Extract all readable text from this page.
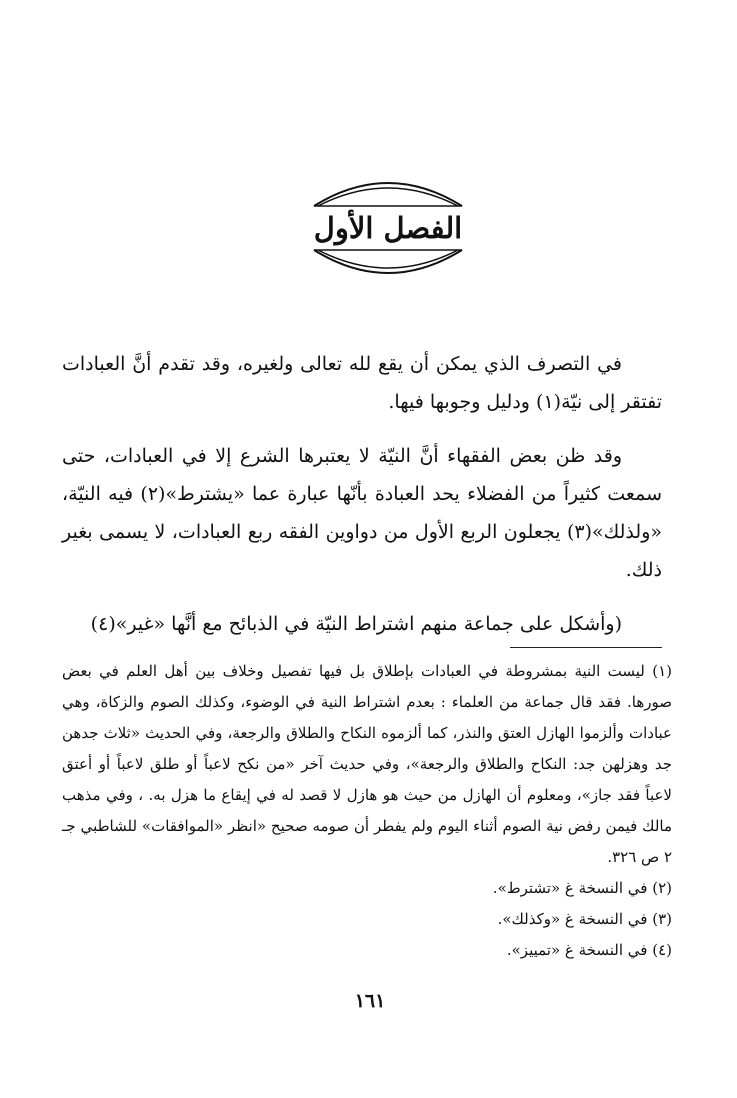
الفصل الأول

في التصرف الذي يمكن أن يقع لله تعالى ولغيره، وقد تقدم أنَّ العبادات تفتقر إلى نيّة(١) ودليل وجوبها فيها.

وقد ظن بعض الفقهاء أنَّ النيّة لا يعتبرها الشرع إلا في العبادات، حتى سمعت كثيراً من الفضلاء يحد العبادة بأنّها عبارة عما «يشترط»(٢) فيه النيّة، «ولذلك»(٣) يجعلون الربع الأول من دواوين الفقه ربع العبادات، لا يسمى بغير ذلك.

(وأشكل على جماعة منهم اشتراط النيّة في الذبائح مع أنَّها «غير»(٤)

(١) ليست النية بمشروطة في العبادات بإطلاق بل فيها تفصيل وخلاف بين أهل العلم في بعض صورها. فقد قال جماعة من العلماء : بعدم اشتراط النية في الوضوء، وكذلك الصوم والزكاة، وهي عبادات وألزموا الهازل العتق والنذر، كما ألزموه النكاح والطلاق والرجعة، وفي الحديث «ثلاث جدهن جد وهزلهن جد: النكاح والطلاق والرجعة»، وفي حديث آخر «من نكح لاعباً أو طلق لاعباً أو أعتق لاعباً فقد جاز»، ومعلوم أن الهازل من حيث هو هازل لا قصد له في إيقاع ما هزل به. ، وفي مذهب مالك فيمن رفض نية الصوم أثناء اليوم ولم يفطر أن صومه صحيح «انظر «الموافقات» للشاطبي جـ ٢ ص ٣٢٦.

(٢) في النسخة غ «تشترط».

(٣) في النسخة غ «وكذلك».

(٤) في النسخة غ «تمييز».

١٦١
